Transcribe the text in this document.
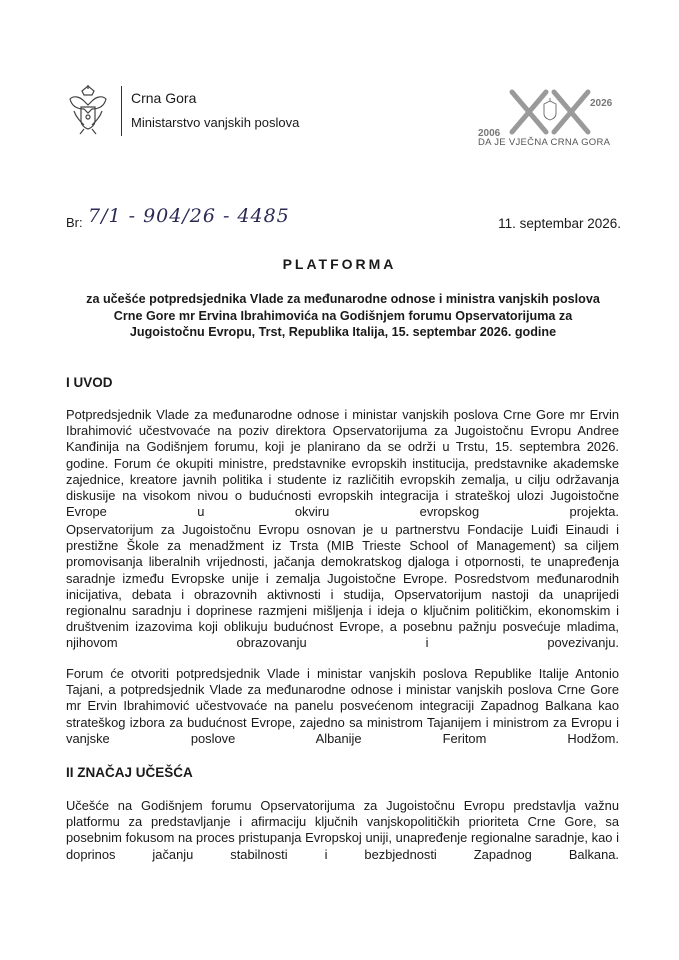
Crna Gora
Ministarstvo vanjskih poslova
2026
2006
DA JE VJEČNA CRNA GORA
Br: 7/1 - 904/26 - 4485	11. septembar 2026.
PLATFORMA
za učešće potpredsjednika Vlade za međunarodne odnose i ministra vanjskih poslova Crne Gore mr Ervina Ibrahimovića na Godišnjem forumu Opservatorijuma za Jugoistočnu Evropu, Trst, Republika Italija, 15. septembar 2026. godine
I UVOD
Potpredsjednik Vlade za međunarodne odnose i ministar vanjskih poslova Crne Gore mr Ervin Ibrahimović učestvovaće na poziv direktora Opservatorijuma za Jugoistočnu Evropu Andree Kanđinija na Godišnjem forumu, koji je planirano da se održi u Trstu, 15. septembra 2026. godine. Forum će okupiti ministre, predstavnike evropskih institucija, predstavnike akademske zajednice, kreatore javnih politika i studente iz različitih evropskih zemalja, u cilju održavanja diskusije na visokom nivou o budućnosti evropskih integracija i strateškoj ulozi Jugoistočne Evrope u okviru evropskog projekta.
Opservatorijum za Jugoistočnu Evropu osnovan je u partnerstvu Fondacije Luiđi Einaudi i prestižne Škole za menadžment iz Trsta (MIB Trieste School of Management) sa ciljem promovisanja liberalnih vrijednosti, jačanja demokratskog djaloga i otpornosti, te unapređenja saradnje između Evropske unije i zemalja Jugoistočne Evrope. Posredstvom međunarodnih inicijativa, debata i obrazovnih aktivnosti i studija, Opservatorijum nastoji da unaprijedi regionalnu saradnju i doprinese razmjeni mišljenja i ideja o ključnim političkim, ekonomskim i društvenim izazovima koji oblikuju budućnost Evrope, a posebnu pažnju posvećuje mladima, njihovom obrazovanju i povezivanju.
Forum će otvoriti potpredsjednik Vlade i ministar vanjskih poslova Republike Italije Antonio Tajani, a potpredsjednik Vlade za međunarodne odnose i ministar vanjskih poslova Crne Gore mr Ervin Ibrahimović učestvovaće na panelu posvećenom integraciji Zapadnog Balkana kao strateškog izbora za budućnost Evrope, zajedno sa ministrom Tajanijem i ministrom za Evropu i vanjske poslove Albanije Feritom Hodžom.
II ZNAČAJ UČEŠĆA
Učešće na Godišnjem forumu Opservatorijuma za Jugoistočnu Evropu predstavlja važnu platformu za predstavljanje i afirmaciju ključnih vanjskopolitičkih prioriteta Crne Gore, sa posebnim fokusom na proces pristupanja Evropskoj uniji, unapređenje regionalne saradnje, kao i doprinos jačanju stabilnosti i bezbjednosti Zapadnog Balkana.
